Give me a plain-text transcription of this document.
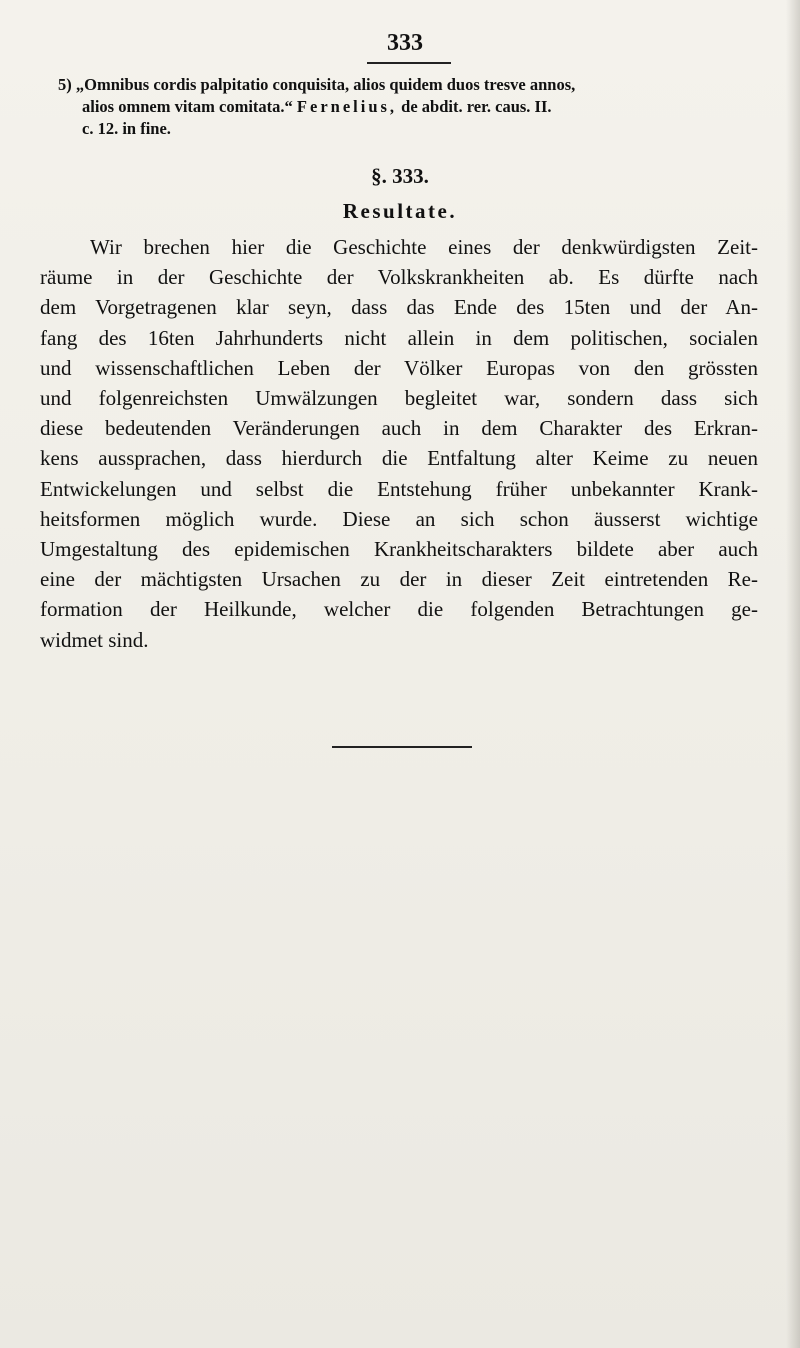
333
5) „Omnibus cordis palpitatio conquisita, alios quidem duos tresve annos,
alios omnem vitam comitata.“ Fernelius, de abdit. rer. caus. II.
c. 12. in fine.
§. 333.
Resultate.
Wir brechen hier die Geschichte eines der denkwürdigsten Zeit-
räume in der Geschichte der Volkskrankheiten ab. Es dürfte nach
dem Vorgetragenen klar seyn, dass das Ende des 15ten und der An-
fang des 16ten Jahrhunderts nicht allein in dem politischen, socialen
und wissenschaftlichen Leben der Völker Europas von den grössten
und folgenreichsten Umwälzungen begleitet war, sondern dass sich
diese bedeutenden Veränderungen auch in dem Charakter des Erkran-
kens aussprachen, dass hierdurch die Entfaltung alter Keime zu neuen
Entwickelungen und selbst die Entstehung früher unbekannter Krank-
heitsformen möglich wurde. Diese an sich schon äusserst wichtige
Umgestaltung des epidemischen Krankheitscharakters bildete aber auch
eine der mächtigsten Ursachen zu der in dieser Zeit eintretenden Re-
formation der Heilkunde, welcher die folgenden Betrachtungen ge-
widmet sind.
